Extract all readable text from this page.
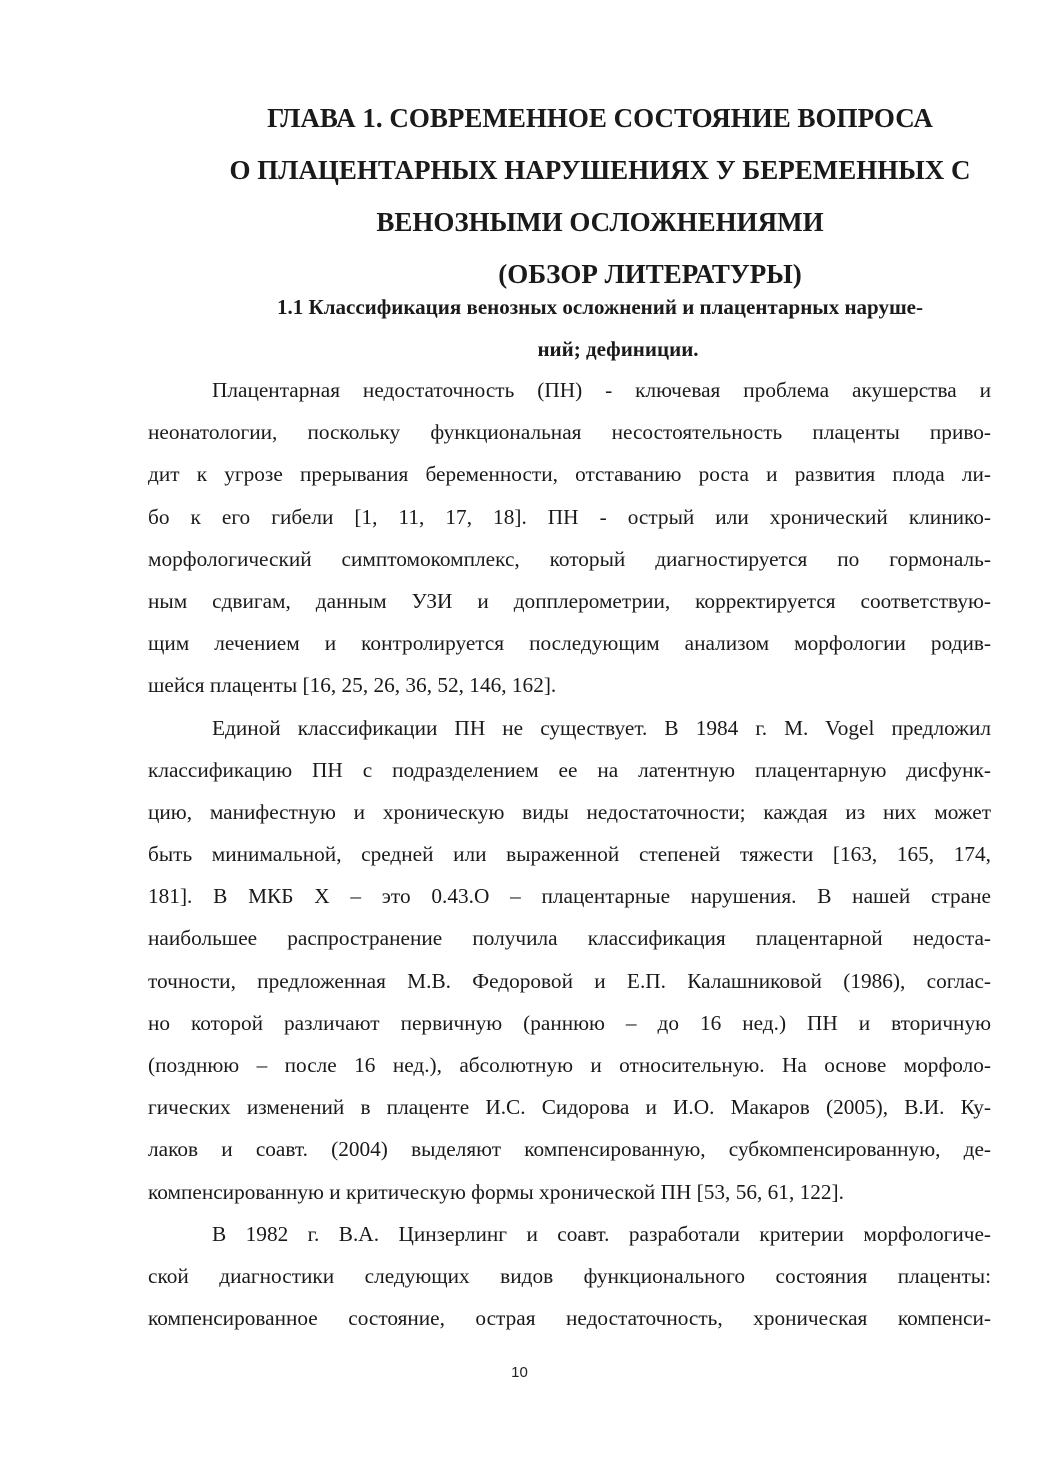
ГЛАВА 1. СОВРЕМЕННОЕ СОСТОЯНИЕ ВОПРОСА
О ПЛАЦЕНТАРНЫХ НАРУШЕНИЯХ У БЕРЕМЕННЫХ С
ВЕНОЗНЫМИ ОСЛОЖНЕНИЯМИ
(ОБЗОР ЛИТЕРАТУРЫ)
1.1 Классификация венозных осложнений и плацентарных наруше-
ний; дефиниции.
Плацентарная недостаточность (ПН) - ключевая проблема акушерства и
неонатологии, поскольку функциональная несостоятельность плаценты приво-
дит к угрозе прерывания беременности, отставанию роста и развития плода ли-
бо к его гибели [1, 11, 17, 18]. ПН - острый или хронический клинико-
морфологический симптомокомплекс, который диагностируется по гормональ-
ным сдвигам, данным УЗИ и допплерометрии, корректируется соответствую-
щим лечением и контролируется последующим анализом морфологии родив-
шейся плаценты [16, 25, 26, 36, 52, 146, 162].
Единой классификации ПН не существует. В 1984 г. M. Vogel предложил
классификацию ПН с подразделением ее на латентную плацентарную дисфунк-
цию, манифестную и хроническую виды недостаточности; каждая из них может
быть минимальной, средней или выраженной степеней тяжести [163, 165, 174,
181]. В МКБ X – это 0.43.О – плацентарные нарушения. В нашей стране
наибольшее распространение получила классификация плацентарной недоста-
точности, предложенная М.В. Федоровой и Е.П. Калашниковой (1986), соглас-
но которой различают первичную (раннюю – до 16 нед.) ПН и вторичную
(позднюю – после 16 нед.), абсолютную и относительную. На основе морфоло-
гических изменений в плаценте И.С. Сидорова и И.О. Макаров (2005), В.И. Ку-
лаков и соавт. (2004) выделяют компенсированную, субкомпенсированную, де-
компенсированную и критическую формы хронической ПН [53, 56, 61, 122].
В 1982 г. В.А. Цинзерлинг и соавт. разработали критерии морфологиче-
ской диагностики следующих видов функционального состояния плаценты:
компенсированное состояние, острая недостаточность, хроническая компенси-
10
